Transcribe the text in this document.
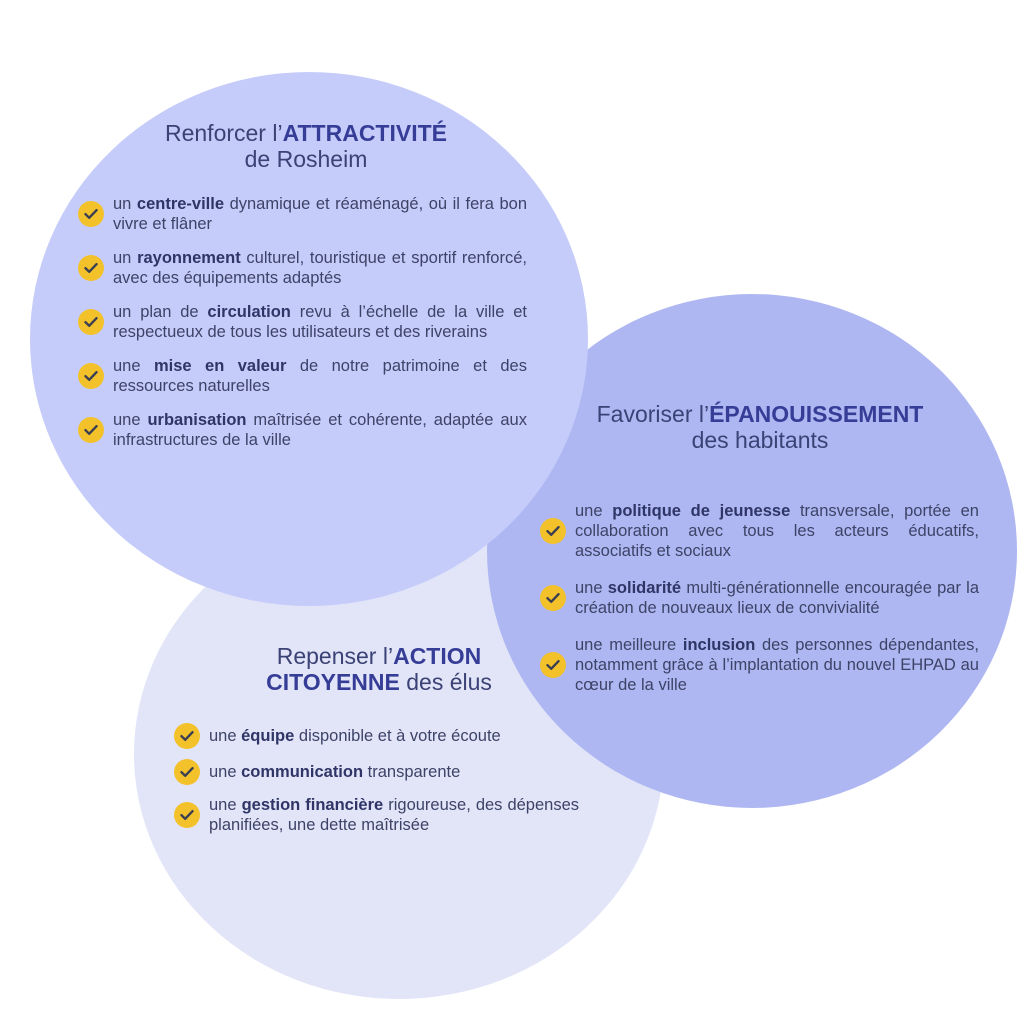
Renforcer l’ATTRACTIVITÉ
de Rosheim

un centre-ville dynamique et réaménagé, où il fera bon vivre et flâner
un rayonnement culturel, touristique et sportif renforcé, avec des équipements adaptés
un plan de circulation revu à l’échelle de la ville et respectueux de tous les utilisateurs et des riverains
une mise en valeur de notre patrimoine et des ressources naturelles
une urbanisation maîtrisée et cohérente, adaptée aux infrastructures de la ville

Favoriser l’ÉPANOUISSEMENT
des habitants

une politique de jeunesse transversale, portée en collaboration avec tous les acteurs éducatifs, associatifs et sociaux
une solidarité multi-générationnelle encouragée par la création de nouveaux lieux de convivialité
une meilleure inclusion des personnes dépendantes, notamment grâce à l’implantation du nouvel EHPAD au cœur de la ville

Repenser l’ACTION
CITOYENNE des élus

une équipe disponible et à votre écoute
une communication transparente
une gestion financière rigoureuse, des dépenses planifiées, une dette maîtrisée
